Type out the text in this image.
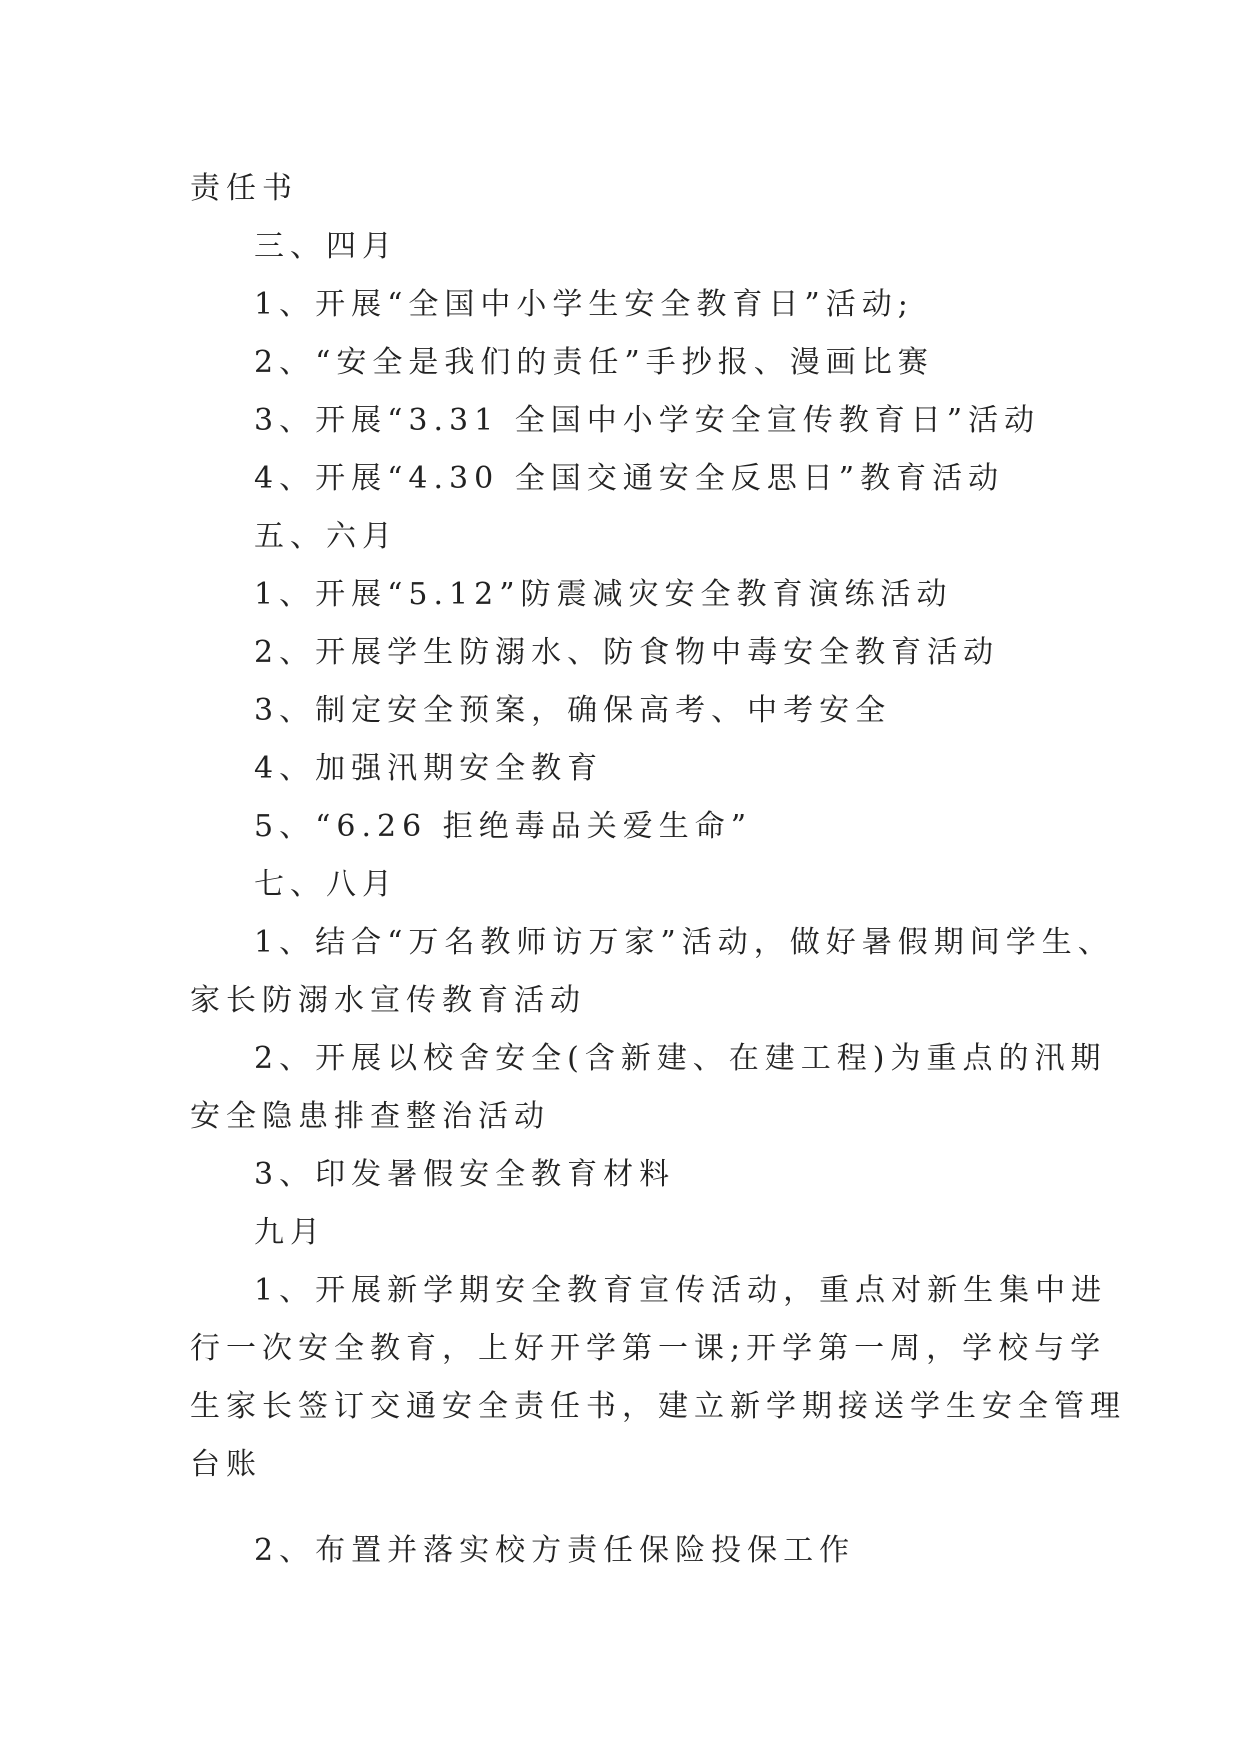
责任书
三、四月
1、开展“全国中小学生安全教育日”活动;
2、“安全是我们的责任”手抄报、漫画比赛
3、开展“3.31 全国中小学安全宣传教育日”活动
4、开展“4.30 全国交通安全反思日”教育活动
五、六月
1、开展“5.12”防震减灾安全教育演练活动
2、开展学生防溺水、防食物中毒安全教育活动
3、制定安全预案，确保高考、中考安全
4、加强汛期安全教育
5、“6.26 拒绝毒品关爱生命”
七、八月
1、结合“万名教师访万家”活动，做好暑假期间学生、
家长防溺水宣传教育活动
2、开展以校舍安全(含新建、在建工程)为重点的汛期
安全隐患排查整治活动
3、印发暑假安全教育材料
九月
1、开展新学期安全教育宣传活动，重点对新生集中进
行一次安全教育，上好开学第一课;开学第一周，学校与学
生家长签订交通安全责任书，建立新学期接送学生安全管理
台账
2、布置并落实校方责任保险投保工作
